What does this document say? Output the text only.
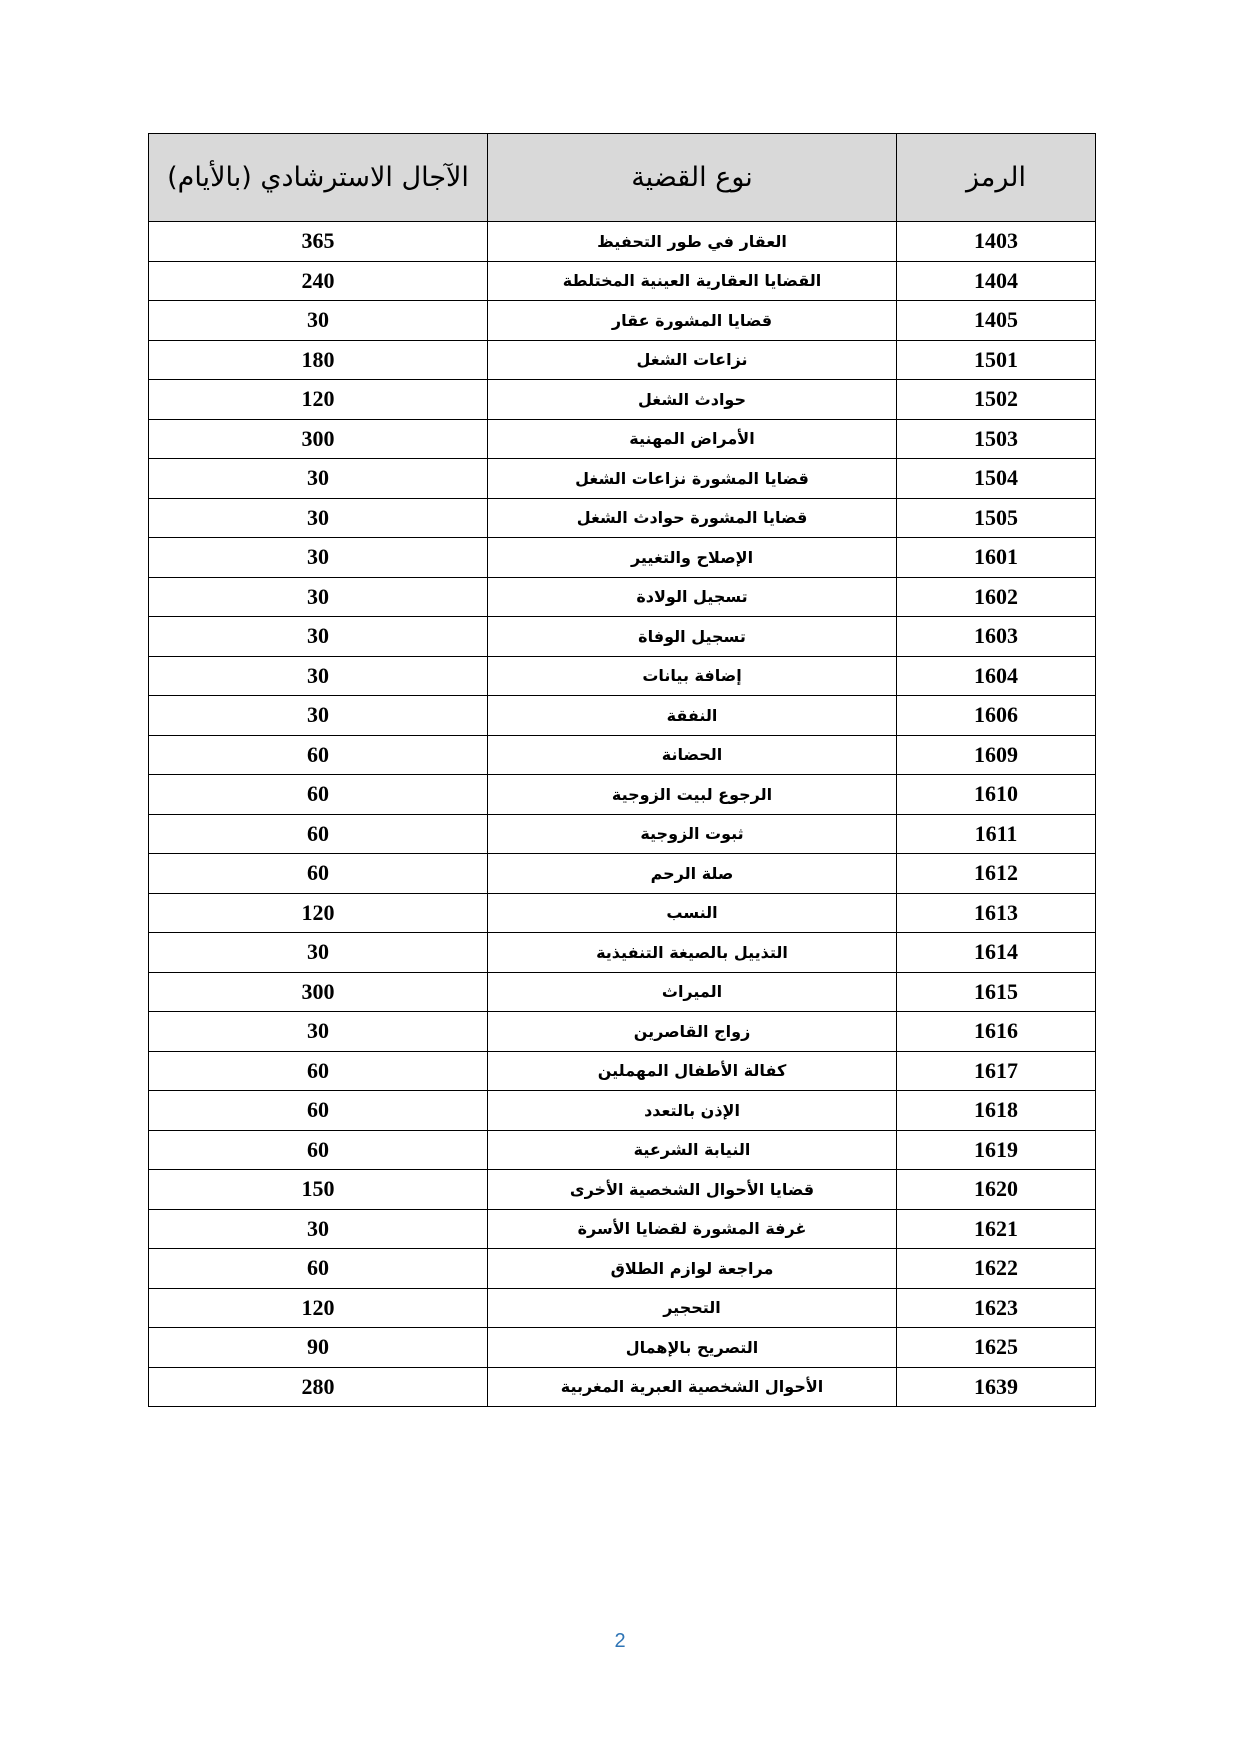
الرمز	نوع القضية	الآجال الاسترشادي (بالأيام)
1403	العقار في طور التحفيظ	365
1404	القضايا العقارية العينية المختلطة	240
1405	قضايا المشورة عقار	30
1501	نزاعات الشغل	180
1502	حوادث الشغل	120
1503	الأمراض المهنية	300
1504	قضايا المشورة نزاعات الشغل	30
1505	قضايا المشورة حوادث الشغل	30
1601	الإصلاح والتغيير	30
1602	تسجيل الولادة	30
1603	تسجيل الوفاة	30
1604	إضافة بيانات	30
1606	النفقة	30
1609	الحضانة	60
1610	الرجوع لبيت الزوجية	60
1611	ثبوت الزوجية	60
1612	صلة الرحم	60
1613	النسب	120
1614	التذييل بالصيغة التنفيذية	30
1615	الميراث	300
1616	زواج القاصرين	30
1617	كفالة الأطفال المهملين	60
1618	الإذن بالتعدد	60
1619	النيابة الشرعية	60
1620	قضايا الأحوال الشخصية الأخرى	150
1621	غرفة المشورة لقضايا الأسرة	30
1622	مراجعة لوازم الطلاق	60
1623	التحجير	120
1625	التصريح بالإهمال	90
1639	الأحوال الشخصية العبرية المغربية	280
2
